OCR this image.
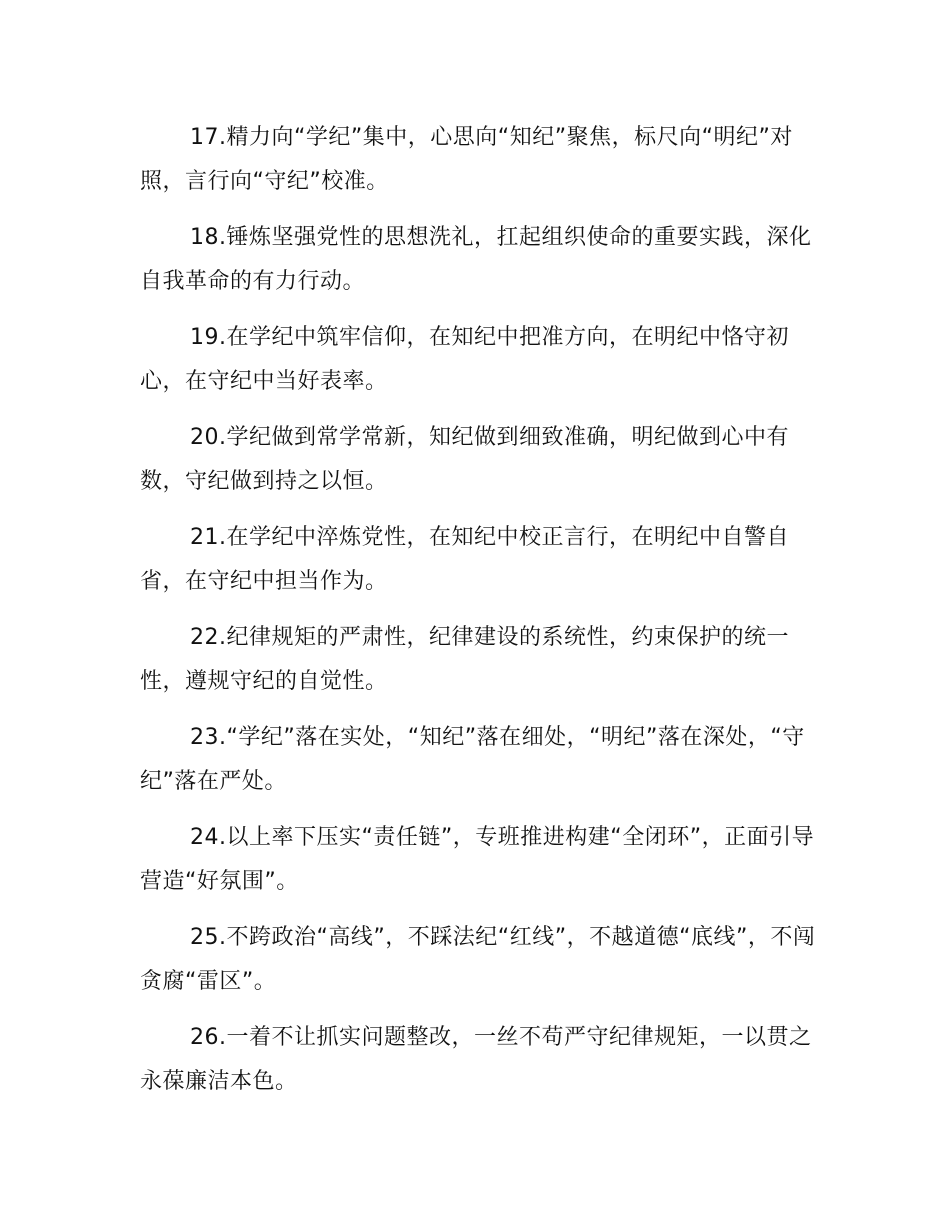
17.精力向“学纪”集中，心思向“知纪”聚焦，标尺向“明纪”对照，言行向“守纪”校准。

18.锤炼坚强党性的思想洗礼，扛起组织使命的重要实践，深化自我革命的有力行动。

19.在学纪中筑牢信仰，在知纪中把准方向，在明纪中恪守初心，在守纪中当好表率。

20.学纪做到常学常新，知纪做到细致准确，明纪做到心中有数，守纪做到持之以恒。

21.在学纪中淬炼党性，在知纪中校正言行，在明纪中自警自省，在守纪中担当作为。

22.纪律规矩的严肃性，纪律建设的系统性，约束保护的统一性，遵规守纪的自觉性。

23.“学纪”落在实处，“知纪”落在细处，“明纪”落在深处，“守纪”落在严处。

24.以上率下压实“责任链”，专班推进构建“全闭环”，正面引导营造“好氛围”。

25.不跨政治“高线”，不踩法纪“红线”，不越道德“底线”，不闯贪腐“雷区”。

26.一着不让抓实问题整改，一丝不苟严守纪律规矩，一以贯之永葆廉洁本色。
